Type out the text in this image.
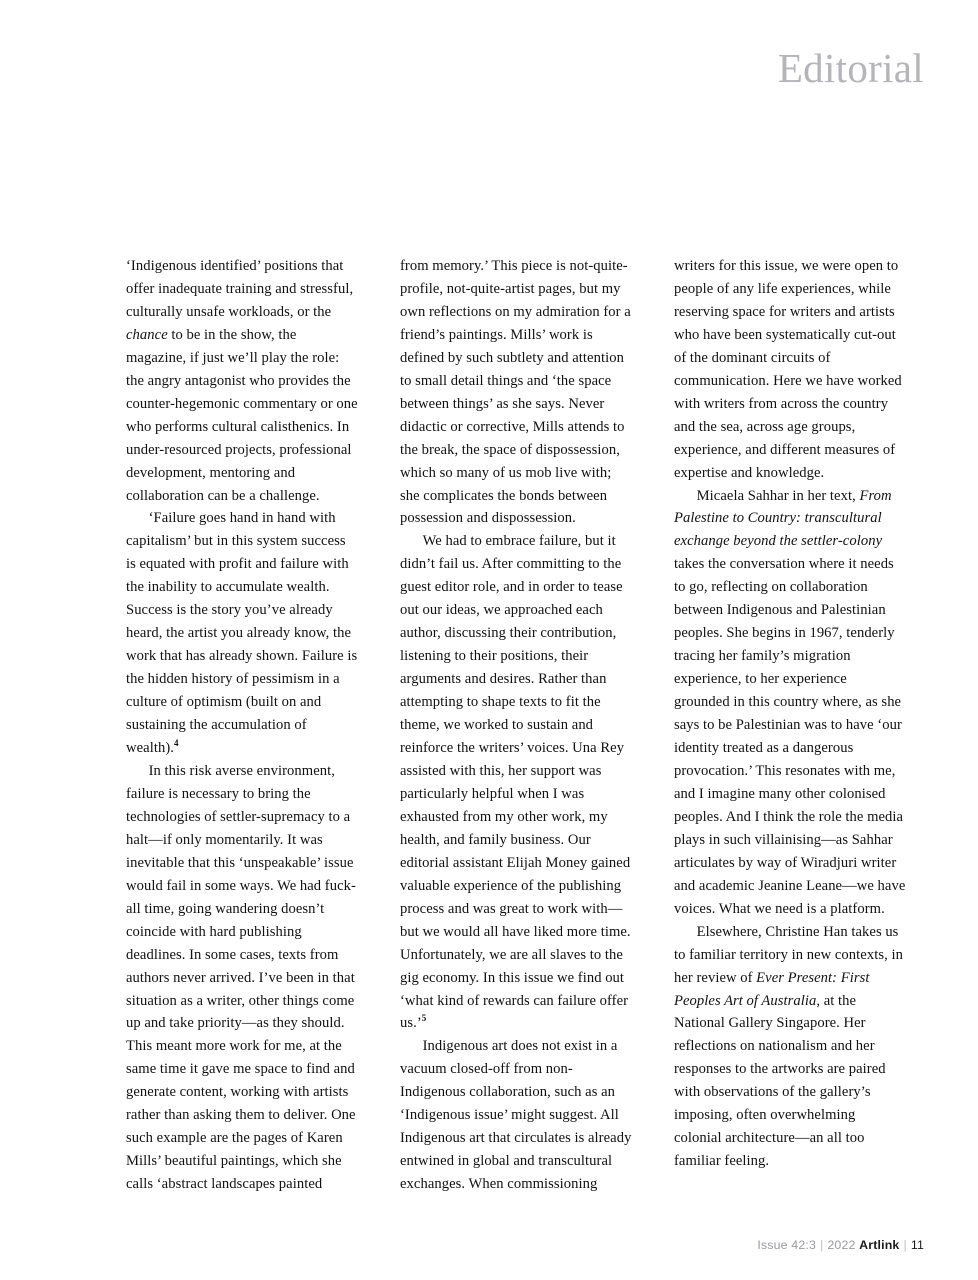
Editorial

‘Indigenous identified’ positions that offer inadequate training and stressful, culturally unsafe workloads, or the chance to be in the show, the magazine, if just we’ll play the role: the angry antagonist who provides the counter-hegemonic commentary or one who performs cultural calisthenics. In under-resourced projects, professional development, mentoring and collaboration can be a challenge.

‘Failure goes hand in hand with capitalism’ but in this system success is equated with profit and failure with the inability to accumulate wealth. Success is the story you’ve already heard, the artist you already know, the work that has already shown. Failure is the hidden history of pessimism in a culture of optimism (built on and sustaining the accumulation of wealth).$^4$

In this risk averse environment, failure is necessary to bring the technologies of settler-supremacy to a halt—if only momentarily. It was inevitable that this ‘unspeakable’ issue would fail in some ways. We had fuck-all time, going wandering doesn’t coincide with hard publishing deadlines. In some cases, texts from authors never arrived. I’ve been in that situation as a writer, other things come up and take priority—as they should. This meant more work for me, at the same time it gave me space to find and generate content, working with artists rather than asking them to deliver. One such example are the pages of Karen Mills’ beautiful paintings, which she calls ‘abstract landscapes painted

from memory.’ This piece is not-quite-profile, not-quite-artist pages, but my own reflections on my admiration for a friend’s paintings. Mills’ work is defined by such subtlety and attention to small detail things and ‘the space between things’ as she says. Never didactic or corrective, Mills attends to the break, the space of dispossession, which so many of us mob live with; she complicates the bonds between possession and dispossession.

We had to embrace failure, but it didn’t fail us. After committing to the guest editor role, and in order to tease out our ideas, we approached each author, discussing their contribution, listening to their positions, their arguments and desires. Rather than attempting to shape texts to fit the theme, we worked to sustain and reinforce the writers’ voices. Una Rey assisted with this, her support was particularly helpful when I was exhausted from my other work, my health, and family business. Our editorial assistant Elijah Money gained valuable experience of the publishing process and was great to work with—but we would all have liked more time. Unfortunately, we are all slaves to the gig economy. In this issue we find out ‘what kind of rewards can failure offer us.’$^5$

Indigenous art does not exist in a vacuum closed-off from non-Indigenous collaboration, such as an ‘Indigenous issue’ might suggest. All Indigenous art that circulates is already entwined in global and transcultural exchanges. When commissioning

writers for this issue, we were open to people of any life experiences, while reserving space for writers and artists who have been systematically cut-out of the dominant circuits of communication. Here we have worked with writers from across the country and the sea, across age groups, experience, and different measures of expertise and knowledge.

Micaela Sahhar in her text, From Palestine to Country: transcultural exchange beyond the settler-colony takes the conversation where it needs to go, reflecting on collaboration between Indigenous and Palestinian peoples. She begins in 1967, tenderly tracing her family’s migration experience, to her experience grounded in this country where, as she says to be Palestinian was to have ‘our identity treated as a dangerous provocation.’ This resonates with me, and I imagine many other colonised peoples. And I think the role the media plays in such villainising—as Sahhar articulates by way of Wiradjuri writer and academic Jeanine Leane—we have voices. What we need is a platform.

Elsewhere, Christine Han takes us to familiar territory in new contexts, in her review of Ever Present: First Peoples Art of Australia, at the National Gallery Singapore. Her reflections on nationalism and her responses to the artworks are paired with observations of the gallery’s imposing, often overwhelming colonial architecture—an all too familiar feeling.

Issue 42:3 | 2022 Artlink | 11
